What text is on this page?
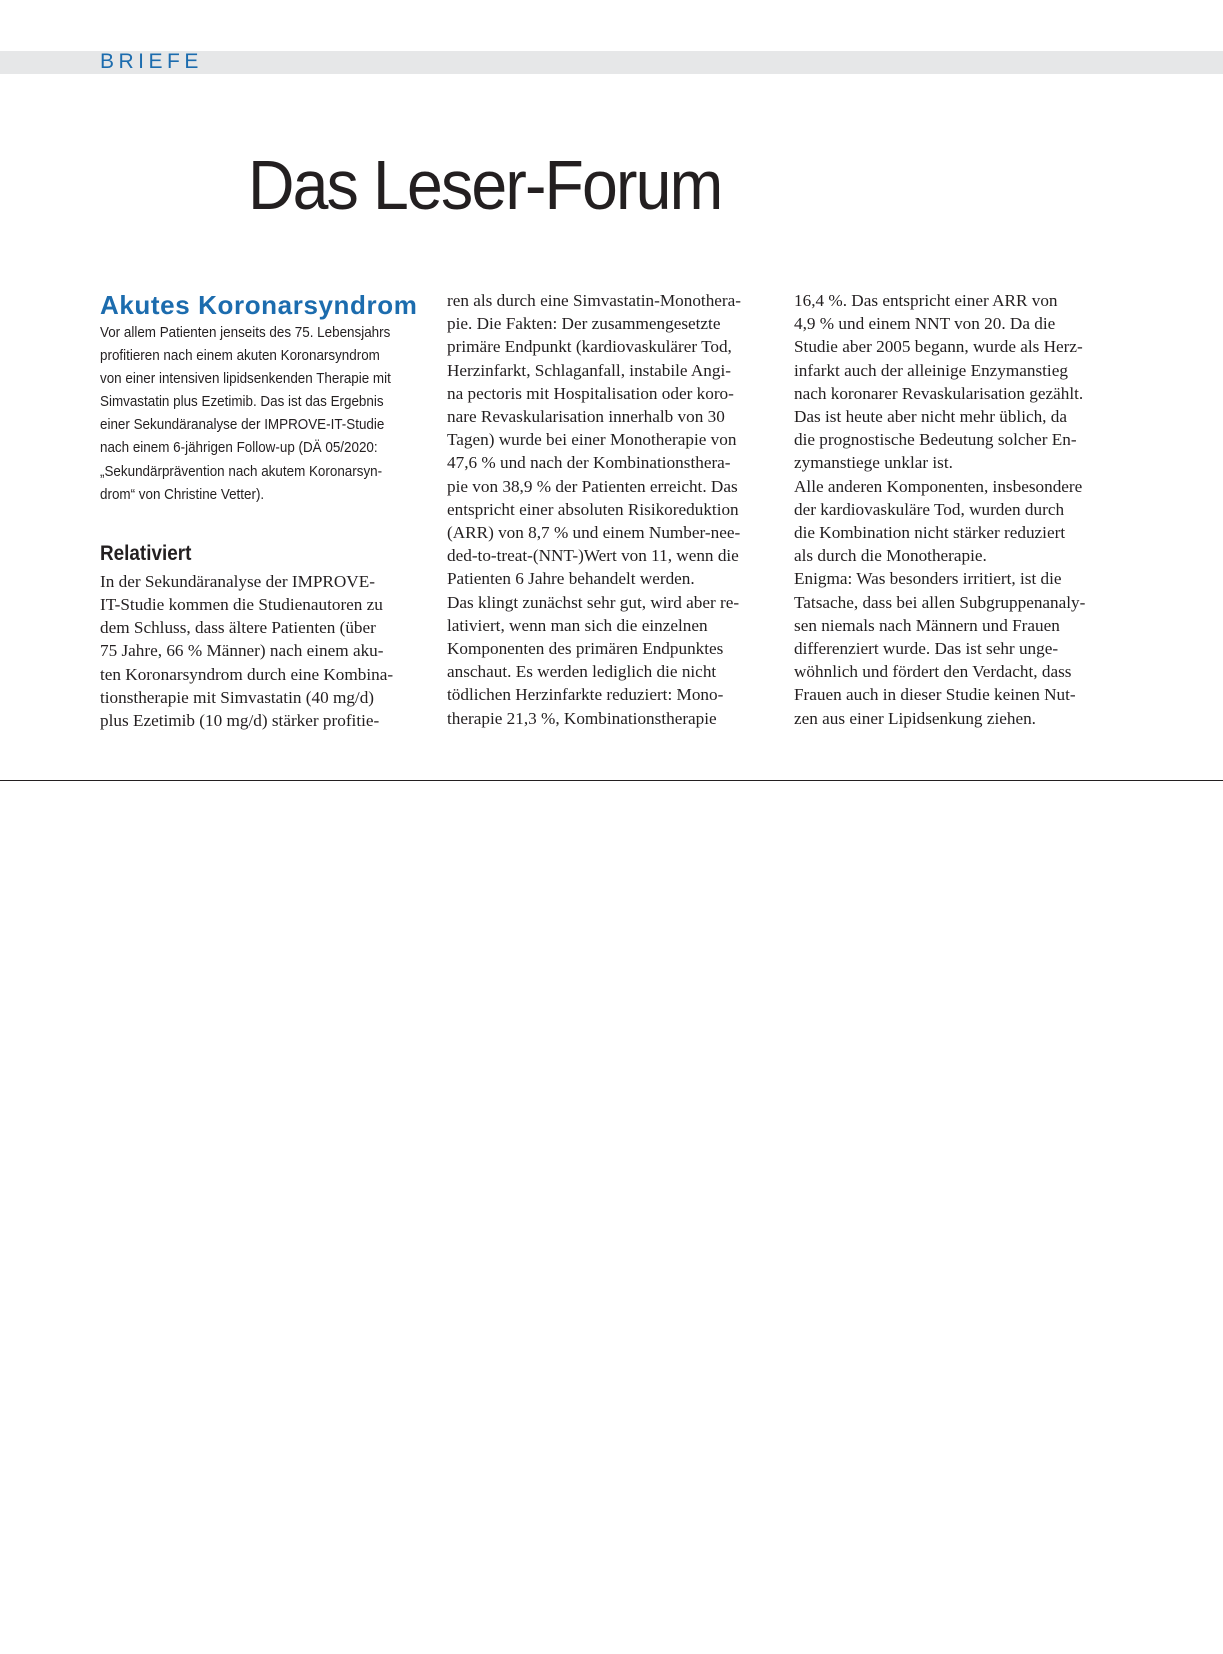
BRIEFE
Das Leser-Forum
Akutes Koronarsyndrom
Vor allem Patienten jenseits des 75. Lebensjahrs
profitieren nach einem akuten Koronarsyndrom
von einer intensiven lipidsenkenden Therapie mit
Simvastatin plus Ezetimib. Das ist das Ergebnis
einer Sekundäranalyse der IMPROVE-IT-Studie
nach einem 6-jährigen Follow-up (DÄ 05/2020:
„Sekundärprävention nach akutem Koronarsyn-
drom“ von Christine Vetter).
Relativiert
In der Sekundäranalyse der IMPROVE-
IT-Studie kommen die Studienautoren zu
dem Schluss, dass ältere Patienten (über
75 Jahre, 66 % Männer) nach einem aku-
ten Koronarsyndrom durch eine Kombina-
tionstherapie mit Simvastatin (40 mg/d)
plus Ezetimib (10 mg/d) stärker profitie-
ren als durch eine Simvastatin-Monothera-
pie. Die Fakten: Der zusammengesetzte
primäre Endpunkt (kardiovaskulärer Tod,
Herzinfarkt, Schlaganfall, instabile Angi-
na pectoris mit Hospitalisation oder koro-
nare Revaskularisation innerhalb von 30
Tagen) wurde bei einer Monotherapie von
47,6 % und nach der Kombinationsthera-
pie von 38,9 % der Patienten erreicht. Das
entspricht einer absoluten Risikoreduktion
(ARR) von 8,7 % und einem Number-nee-
ded-to-treat-(NNT-)Wert von 11, wenn die
Patienten 6 Jahre behandelt werden.
Das klingt zunächst sehr gut, wird aber re-
lativiert, wenn man sich die einzelnen
Komponenten des primären Endpunktes
anschaut. Es werden lediglich die nicht
tödlichen Herzinfarkte reduziert: Mono-
therapie 21,3 %, Kombinationstherapie
16,4 %. Das entspricht einer ARR von
4,9 % und einem NNT von 20. Da die
Studie aber 2005 begann, wurde als Herz-
infarkt auch der alleinige Enzymanstieg
nach koronarer Revaskularisation gezählt.
Das ist heute aber nicht mehr üblich, da
die prognostische Bedeutung solcher En-
zymanstiege unklar ist.
Alle anderen Komponenten, insbesondere
der kardiovaskuläre Tod, wurden durch
die Kombination nicht stärker reduziert
als durch die Monotherapie.
Enigma: Was besonders irritiert, ist die
Tatsache, dass bei allen Subgruppenanaly-
sen niemals nach Männern und Frauen
differenziert wurde. Das ist sehr unge-
wöhnlich und fördert den Verdacht, dass
Frauen auch in dieser Studie keinen Nut-
zen aus einer Lipidsenkung ziehen.
